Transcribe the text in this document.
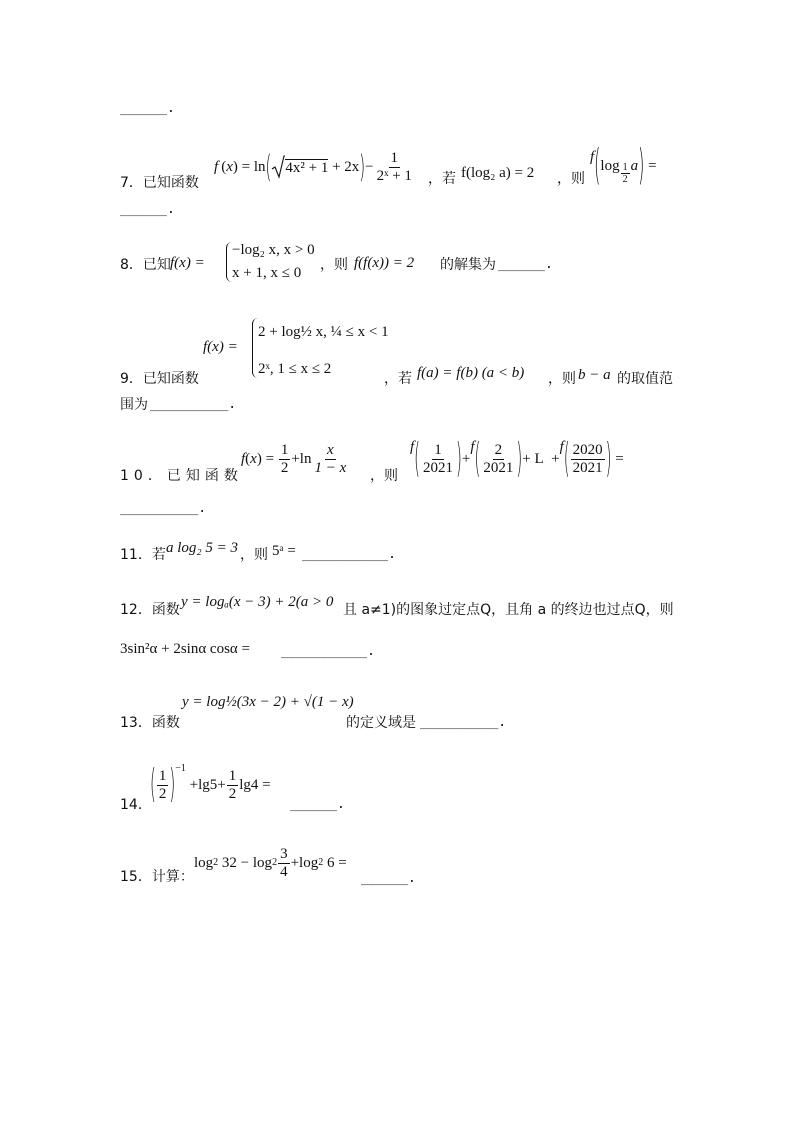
______.
7．已知函数
f
  ( x ) = ln ( 4x² + 1
+ 2x ) − $\frac{1}{\text{2ˣ + 1}}$ ，若 f(log₂ a) = 2 ，则
f ( $\log \frac{1}{2}$ a ) =
______.
8．已知 f(x) =
−log₂ x, x > 0
x + 1, x ≤ 0 ，则 f(f(x)) = 2 的解集为 ______.
f(x) =
2 + log½ x, ¼ ≤ x < 1
2ˣ, 1 ≤ x ≤ 2
9．已知函数	，若 f(a) = f(b) (a < b) ，则 b − a 的取值范
围为 __________.
10．已知函数
f ( x ) = $\frac{1}{2} +\ln \frac{x}{1 - x}$ ，则
f ( $\frac{1}{2021}$ ) +
f ( $\frac{2}{2021}$ ) + L  +
f ( $\frac{2020}{2021}$ ) =
__________.
11．若 a log₂ 5 = 3 ，则 5ᵃ = ___________.
12．函数 y = logₐ(x − 3) + 2(a > 0 且 a≠1)的图象过定点Q，且角 a 的终边也过点Q，则
3sin²α + 2sinα cosα = ___________.
y = log½(3x − 2) + √(1 − x)
13．函数	的定义域是 __________.
14．
( $\frac{1}{2} )^{-1}$
$+\lg 5+ \frac{1}{2} \lg 4$ =
______.
15．计算：
log 2 $32 - \log 2 \frac{3}{4} +\log$ 2 6 =
______.
